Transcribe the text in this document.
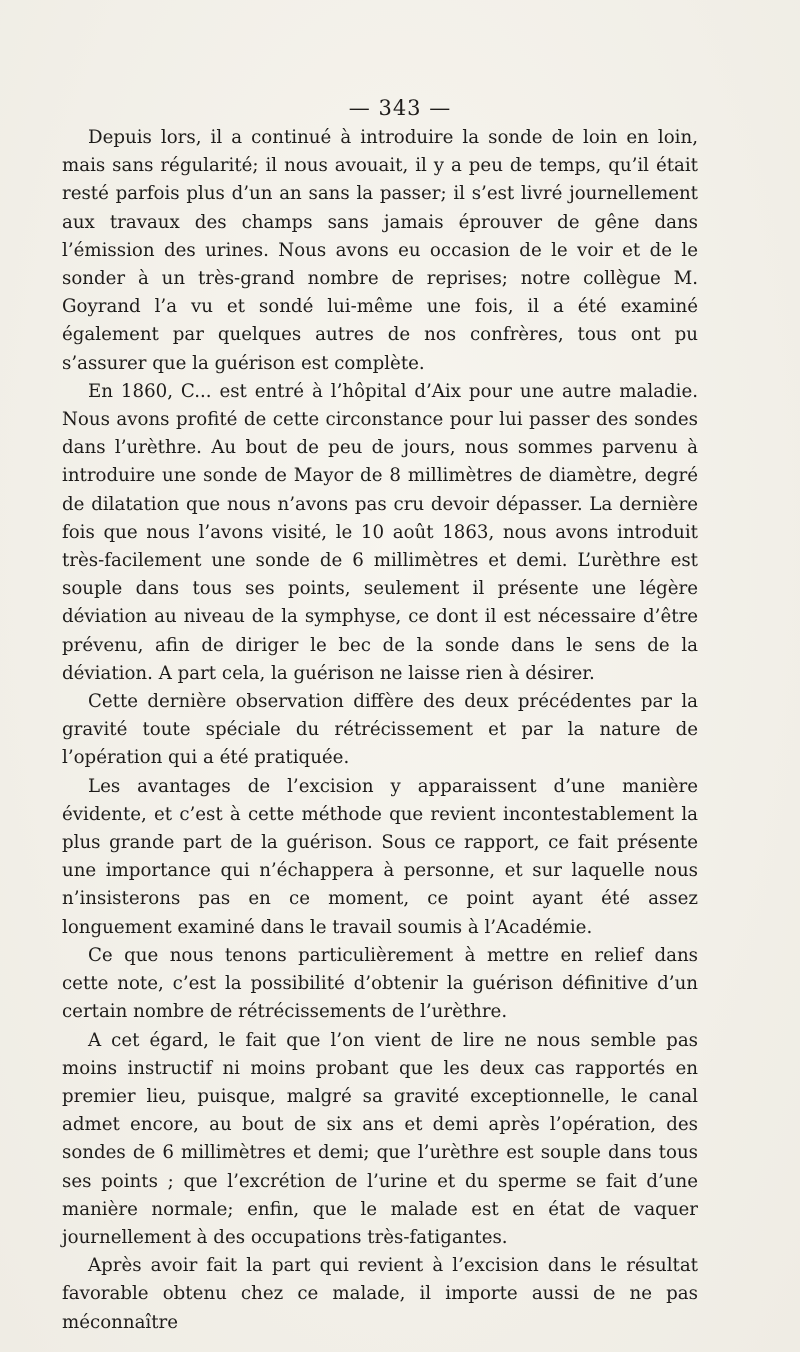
— 343 —

Depuis lors, il a continué à introduire la sonde de loin en loin, mais sans régularité; il nous avouait, il y a peu de temps, qu’il était resté parfois plus d’un an sans la passer; il s’est livré journellement aux travaux des champs sans jamais éprouver de gêne dans l’émission des urines. Nous avons eu occasion de le voir et de le sonder à un très-grand nombre de reprises; notre collègue M. Goyrand l’a vu et sondé lui-même une fois, il a été examiné également par quelques autres de nos confrères, tous ont pu s’assurer que la guérison est complète.

En 1860, C... est entré à l’hôpital d’Aix pour une autre maladie. Nous avons profité de cette circonstance pour lui passer des sondes dans l’urèthre. Au bout de peu de jours, nous sommes parvenu à introduire une sonde de Mayor de 8 millimètres de diamètre, degré de dilatation que nous n’avons pas cru devoir dépasser. La dernière fois que nous l’avons visité, le 10 août 1863, nous avons introduit très-facilement une sonde de 6 millimètres et demi. L’urèthre est souple dans tous ses points, seulement il présente une légère déviation au niveau de la symphyse, ce dont il est nécessaire d’être prévenu, afin de diriger le bec de la sonde dans le sens de la déviation. A part cela, la guérison ne laisse rien à désirer.

Cette dernière observation diffère des deux précédentes par la gravité toute spéciale du rétrécissement et par la nature de l’opération qui a été pratiquée.

Les avantages de l’excision y apparaissent d’une manière évidente, et c’est à cette méthode que revient incontestablement la plus grande part de la guérison. Sous ce rapport, ce fait présente une importance qui n’échappera à personne, et sur laquelle nous n’insisterons pas en ce moment, ce point ayant été assez longuement examiné dans le travail soumis à l’Académie.

Ce que nous tenons particulièrement à mettre en relief dans cette note, c’est la possibilité d’obtenir la guérison définitive d’un certain nombre de rétrécissements de l’urèthre.

A cet égard, le fait que l’on vient de lire ne nous semble pas moins instructif ni moins probant que les deux cas rapportés en premier lieu, puisque, malgré sa gravité exceptionnelle, le canal admet encore, au bout de six ans et demi après l’opération, des sondes de 6 millimètres et demi; que l’urèthre est souple dans tous ses points ; que l’excrétion de l’urine et du sperme se fait d’une manière normale; enfin, que le malade est en état de vaquer journellement à des occupations très-fatigantes.

Après avoir fait la part qui revient à l’excision dans le résultat favorable obtenu chez ce malade, il importe aussi de ne pas méconnaître
